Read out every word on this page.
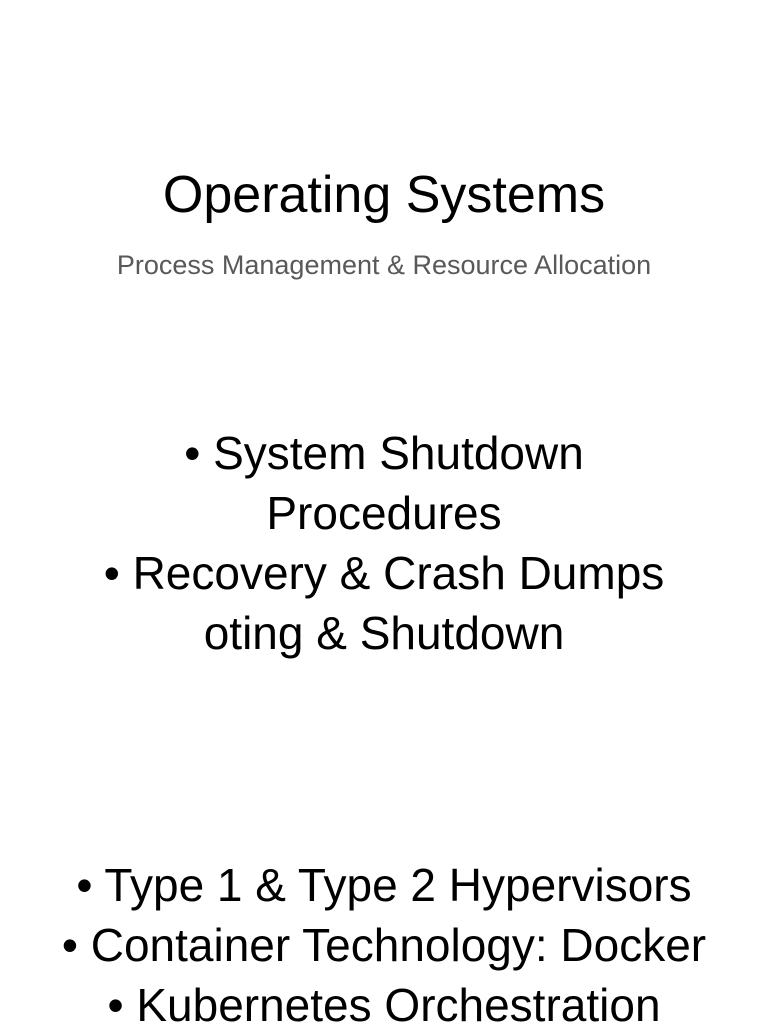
Operating Systems
Process Management & Resource Allocation
• System Shutdown
Procedures
• Recovery & Crash Dumps
oting & Shutdown
• Type 1 & Type 2 Hypervisors
• Container Technology: Docker
• Kubernetes Orchestration
